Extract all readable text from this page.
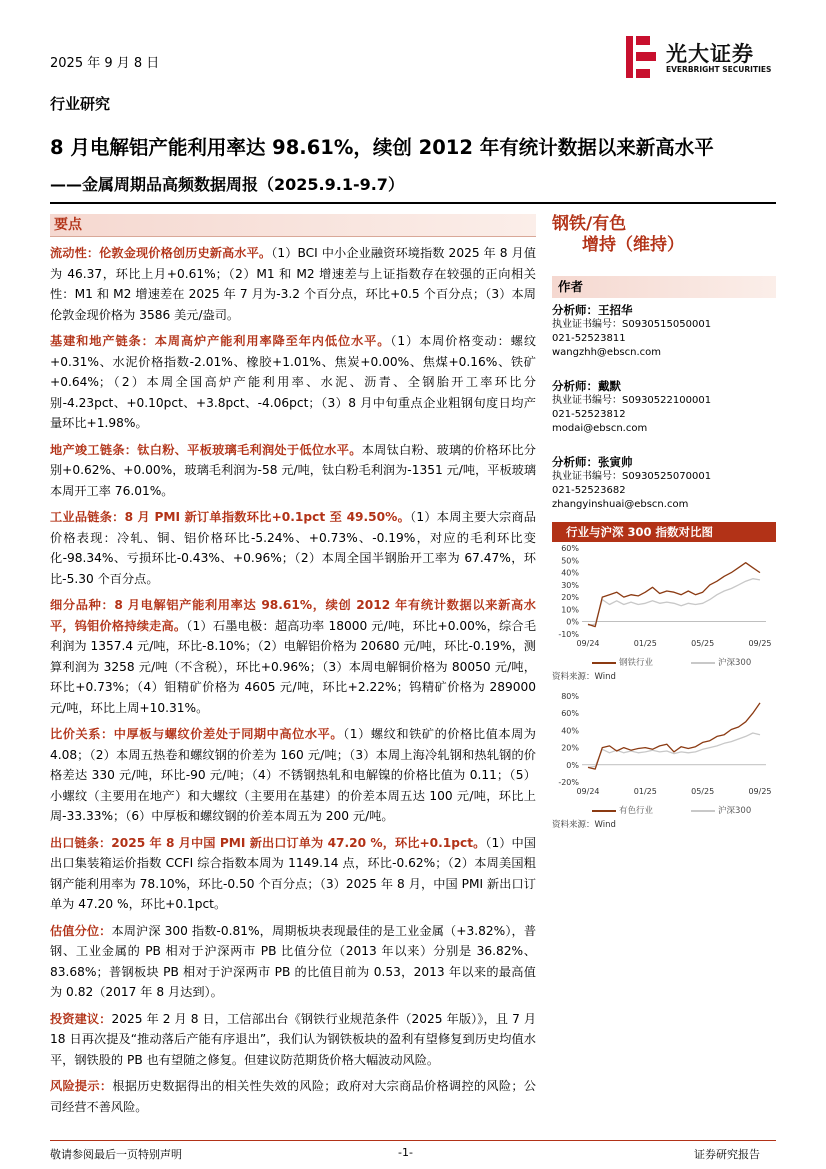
2025 年 9 月 8 日	光大证券
EVERBRIGHT SECURITIES
行业研究
8 月电解铝产能利用率达 98.61%，续创 2012 年有统计数据以来新高水平
——金属周期品高频数据周报（2025.9.1-9.7）
要点
流动性：伦敦金现价格创历史新高水平。（1）BCI 中小企业融资环境指数 2025 年 8 月值为 46.37，环比上月+0.61%；（2）M1 和 M2 增速差与上证指数存在较强的正向相关性：M1 和 M2 增速差在 2025 年 7 月为-3.2 个百分点，环比+0.5 个百分点；（3）本周伦敦金现价格为 3586 美元/盎司。
基建和地产链条：本周高炉产能利用率降至年内低位水平。（1）本周价格变动：螺纹+0.31%、水泥价格指数-2.01%、橡胶+1.01%、焦炭+0.00%、焦煤+0.16%、铁矿+0.64%；（2）本周全国高炉产能利用率、水泥、沥青、全钢胎开工率环比分别-4.23pct、+0.10pct、+3.8pct、-4.06pct；（3）8 月中旬重点企业粗钢旬度日均产量环比+1.98%。
地产竣工链条：钛白粉、平板玻璃毛利润处于低位水平。本周钛白粉、玻璃的价格环比分别+0.62%、+0.00%，玻璃毛利润为-58 元/吨，钛白粉毛利润为-1351 元/吨，平板玻璃本周开工率 76.01%。
工业品链条：8 月 PMI 新订单指数环比+0.1pct 至 49.50%。（1）本周主要大宗商品价格表现：冷轧、铜、铝价格环比-5.24%、+0.73%、-0.19%，对应的毛利环比变化-98.34%、亏损环比-0.43%、+0.96%；（2）本周全国半钢胎开工率为 67.47%，环比-5.30 个百分点。
细分品种：8 月电解铝产能利用率达 98.61%，续创 2012 年有统计数据以来新高水平，钨钼价格持续走高。（1）石墨电极：超高功率 18000 元/吨，环比+0.00%，综合毛利润为 1357.4 元/吨，环比-8.10%；（2）电解铝价格为 20680 元/吨，环比-0.19%，测算利润为 3258 元/吨（不含税），环比+0.96%；（3）本周电解铜价格为 80050 元/吨，环比+0.73%；（4）钼精矿价格为 4605 元/吨，环比+2.22%；钨精矿价格为 289000 元/吨，环比上周+10.31%。
比价关系：中厚板与螺纹价差处于同期中高位水平。（1）螺纹和铁矿的价格比值本周为 4.08；（2）本周五热卷和螺纹钢的价差为 160 元/吨；（3）本周上海冷轧钢和热轧钢的价格差达 330 元/吨，环比-90 元/吨；（4）不锈钢热轧和电解镍的价格比值为 0.11；（5）小螺纹（主要用在地产）和大螺纹（主要用在基建）的价差本周五达 100 元/吨，环比上周-33.33%；（6）中厚板和螺纹钢的价差本周五为 200 元/吨。
出口链条：2025 年 8 月中国 PMI 新出口订单为 47.20 %，环比+0.1pct。（1）中国出口集装箱运价指数 CCFI 综合指数本周为 1149.14 点，环比-0.62%；（2）本周美国粗钢产能利用率为 78.10%，环比-0.50 个百分点；（3）2025 年 8 月，中国 PMI 新出口订单为 47.20 %，环比+0.1pct。
估值分位：本周沪深 300 指数-0.81%，周期板块表现最佳的是工业金属（+3.82%），普钢、工业金属的 PB 相对于沪深两市 PB 比值分位（2013 年以来）分别是 36.82%、83.68%；普钢板块 PB 相对于沪深两市 PB 的比值目前为 0.53，2013 年以来的最高值为 0.82（2017 年 8 月达到）。
投资建议：2025 年 2 月 8 日，工信部出台《钢铁行业规范条件（2025 年版）》，且 7 月 18 日再次提及“推动落后产能有序退出”，我们认为钢铁板块的盈利有望修复到历史均值水平，钢铁股的 PB 也有望随之修复。但建议防范期货价格大幅波动风险。
风险提示：根据历史数据得出的相关性失效的风险；政府对大宗商品价格调控的风险；公司经营不善风险。
钢铁/有色
增持（维持）
作者
分析师：王招华
执业证书编号：S0930515050001
021-52523811
wangzhh@ebscn.com
分析师：戴默
执业证书编号：S0930522100001
021-52523812
modai@ebscn.com
分析师：张寅帅
执业证书编号：S0930525070001
021-52523682
zhangyinshuai@ebscn.com
行业与沪深 300 指数对比图
60%
50%
40%
30%
20%
10%
0%
-10%
09/24	01/25	05/25	09/25
钢铁行业	沪深300
资料来源：Wind
80%
60%
40%
20%
0%
-20%
09/24	01/25	05/25	09/25
有色行业	沪深300
资料来源：Wind
敬请参阅最后一页特别声明	-1-	证券研究报告
